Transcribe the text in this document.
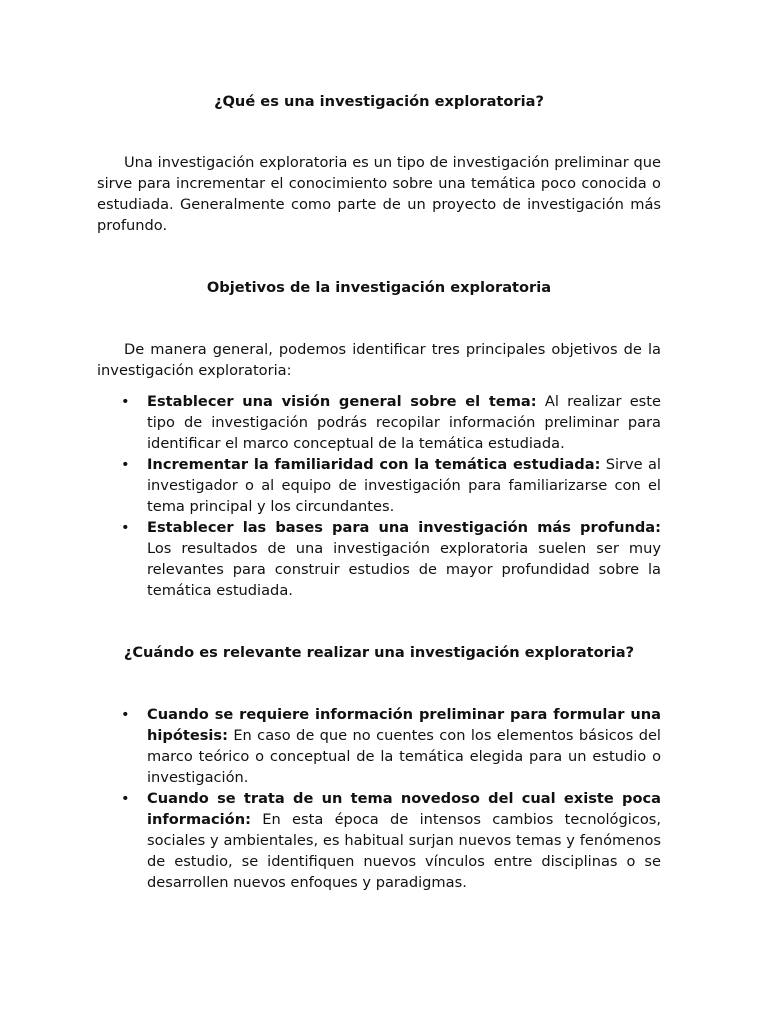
¿Qué es una investigación exploratoria?

Una investigación exploratoria es un tipo de investigación preliminar que sirve para incrementar el conocimiento sobre una temática poco conocida o estudiada. Generalmente como parte de un proyecto de investigación más profundo.

Objetivos de la investigación exploratoria

De manera general, podemos identificar tres principales objetivos de la investigación exploratoria:

• Establecer una visión general sobre el tema: Al realizar este tipo de investigación podrás recopilar información preliminar para identificar el marco conceptual de la temática estudiada.
• Incrementar la familiaridad con la temática estudiada: Sirve al investigador o al equipo de investigación para familiarizarse con el tema principal y los circundantes.
• Establecer las bases para una investigación más profunda: Los resultados de una investigación exploratoria suelen ser muy relevantes para construir estudios de mayor profundidad sobre la temática estudiada.
¿Cuándo es relevante realizar una investigación exploratoria?
• Cuando se requiere información preliminar para formular una hipótesis: En caso de que no cuentes con los elementos básicos del marco teórico o conceptual de la temática elegida para un estudio o investigación.
• Cuando se trata de un tema novedoso del cual existe poca información: En esta época de intensos cambios tecnológicos, sociales y ambientales, es habitual surjan nuevos temas y fenómenos de estudio, se identifiquen nuevos vínculos entre disciplinas o se desarrollen nuevos enfoques y paradigmas.
